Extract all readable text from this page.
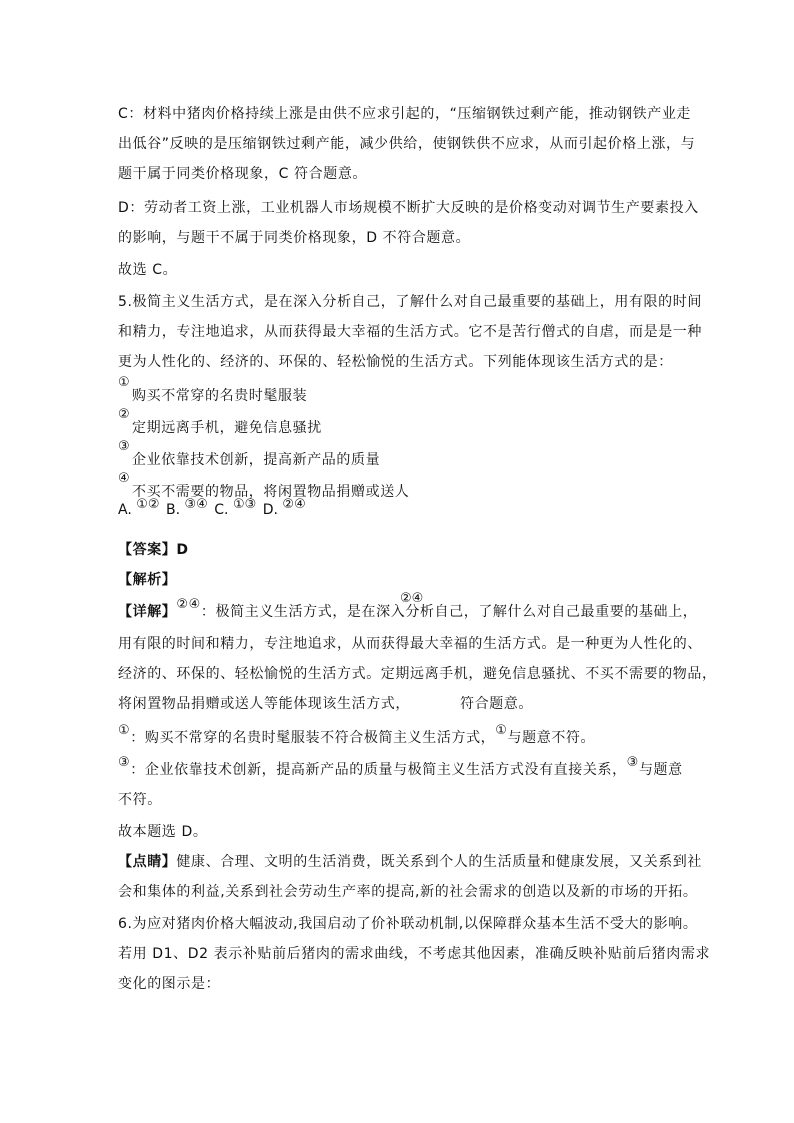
C：材料中猪肉价格持续上涨是由供不应求引起的，“压缩钢铁过剩产能，推动钢铁产业走
出低谷”反映的是压缩钢铁过剩产能，减少供给，使钢铁供不应求，从而引起价格上涨，与
题干属于同类价格现象，C 符合题意。
D：劳动者工资上涨，工业机器人市场规模不断扩大反映的是价格变动对调节生产要素投入
的影响，与题干不属于同类价格现象，D 不符合题意。
故选 C。
5.极简主义生活方式，是在深入分析自己，了解什么对自己最重要的基础上，用有限的时间
和精力，专注地追求，从而获得最大幸福的生活方式。它不是苦行僧式的自虐，而是是一种
更为人性化的、经济的、环保的、轻松愉悦的生活方式。下列能体现该生活方式的是：
①
购买不常穿的名贵时髦服装
②
定期远离手机，避免信息骚扰
③
企业依靠技术创新，提高新产品的质量
④
不买不需要的物品，将闲置物品捐赠或送人
A. ①② B. ③④ C. ①③ D. ②④
【答案】D
【解析】
【详解】②④：极简主义生活方式，是在深入分析自己，了解什么对自己最重要的基础上，
②④
用有限的时间和精力，专注地追求，从而获得最大幸福的生活方式。是一种更为人性化的、
经济的、环保的、轻松愉悦的生活方式。定期远离手机，避免信息骚扰、不买不需要的物品，
将闲置物品捐赠或送人等能体现该生活方式，	符合题意。
①：购买不常穿的名贵时髦服装不符合极简主义生活方式，①与题意不符。
③：企业依靠技术创新，提高新产品的质量与极简主义生活方式没有直接关系，③与题意
不符。
故本题选 D。
【点睛】健康、合理、文明的生活消费，既关系到个人的生活质量和健康发展，又关系到社
会和集体的利益,关系到社会劳动生产率的提高,新的社会需求的创造以及新的市场的开拓。
6.为应对猪肉价格大幅波动,我国启动了价补联动机制,以保障群众基本生活不受大的影响。
若用 D1、D2 表示补贴前后猪肉的需求曲线，不考虑其他因素，准确反映补贴前后猪肉需求
变化的图示是：
